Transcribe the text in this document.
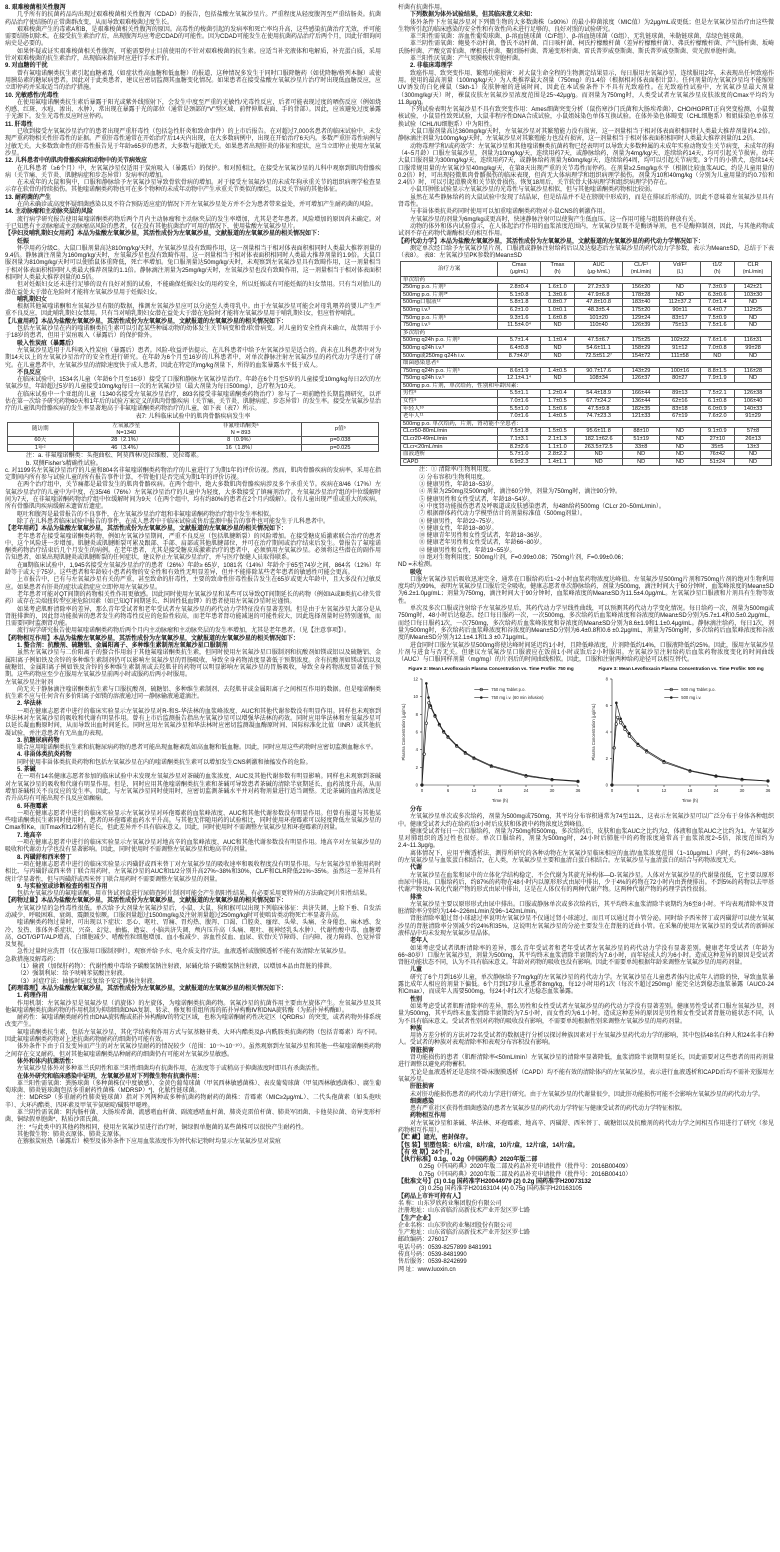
8. 艰难梭菌相关性腹泻

几乎所有的抗菌药品均出现过艰难梭菌相关性腹泻（CDAD）的报告，包括盐酸左氧氟沙星片。严重程度从轻度腹泻至严重结肠炎。抗菌药品治疗使结肠的正常菌群改变，从而导致艰难梭菌过度生长。

艰难梭菌产生的毒素A和B，是艰难梭菌相关性腹泻的原因。高毒性的梭菌引起的发病率和死亡率均升高，这些感染抗菌治疗无效，并可能需要结肠切除术。在接受抗生素治疗后，出现腹泻均应考虑CDAD的可能性。因为CDAD可能发生在使用抗菌药品治疗后两个月，因此仔细询问病史是必要的。

如果怀疑或证实艰难梭菌相关性腹泻，可能需要停止目前使用的不针对艰难梭菌的抗生素。应适当补充液体和电解质，补充蛋白质，采用针对艰难梭菌的抗生素治疗，出现临床指征时应进行手术评价。

9. 对血糖的干扰

曾有氟喹诺酮类抗生素引起血糖紊乱（如症状性高血糖和低血糖）的报道，这种情况多发生于同时口服降糖药（如优降糖/格列本脲）或使用胰岛素的糖尿病患者。因此对于此类患者，建议应密切监测其血糖变化情况。如果患者在接受盐酸左氧氟沙星片治疗时出现低血糖反应，应立即停药并采取适当的治疗措施。

10. 光敏感性/光毒性

在使用氟喹诺酮类抗生素后暴露于阳光或紫外线照射下，会发生中度至严重的光敏性/光毒性反应，后者可能表现过度的晒伤反应（例如烧灼感、红斑、水疱、渗出、水肿），常出现在暴露于光的部位（通常是颈部的“V”型区域、前臂伸肌表面、手的背部）。因此，应该避免过度暴露于光源下。发生光毒性反应时应停药。

11. 肝毒性

已收到接受左氧氟沙星治疗的患者出现严重肝毒性（包括急性肝炎和致命事件）的上市后报告。在对超过7,000名患者的临床试验中，未发现严重药物相关性肝毒性的证据。严重肝毒性通常在开始治疗后14天内出现，在大多数病例中，出现在开始治疗6天内。多数严重肝毒性病例与过敏无关。大多数致命性的肝毒性报告见于年龄≥65岁的患者，大多数与超敏无关。如果患者出现肝炎的体征和症状，应当立即停止使用左氧氟沙星。

12. 儿科患者中的肌肉骨骼疾病和动物中的关节病效应

在儿科患者（≥6个月）中，左氧氟沙星仅适用于炭疽吸入（暴露后）的保护。和对照相比，在接受左氧氟沙星的儿科中观察到肌肉骨骼疾病（关节痛、关节炎、肌腱病症和步态异常）发病率的增加。

在未成年的大鼠和狗中，口服和静脉给予左氧氟沙星导致骨软骨病的增加。对于接受左氧氟沙星的未成年狗承重关节的组织病理学检查显示存在软骨的持续损伤。其他喹诺酮类药物也可在多个物种的未成年动物中产生承重关节类似的糜烂，以及关节病的其他体征。

13. 耐药菌的产生

在尚未确诊或高度怀疑细菌感染以及不符合预防适应症的情况下开左氧氟沙星处方并不会为患者带来益处，并可增加产生耐药菌的风险。

14. 主动脉瘤和主动脉夹层的风险

流行病学研究报告使用氟喹诺酮类药物后两个月内主动脉瘤和主动脉夹层的发生率增加，尤其是老年患者。风险增加的原因尚未确定。对于已知患有主动脉瘤或主动脉瘤高风险的患者，仅在没有其他抗菌治疗可用的情况下，使用盐酸左氧氟沙星片。

【孕妇及哺乳期妇女用药】本品为盐酸左氧氟沙星，其活性成份为左氧氟沙星，文献报道的左氧氟沙星的相关情况如下：

妊娠

怀孕用药分级C。大鼠口服剂量高达810mg/kg/天时，左氧氟沙星没有致畸作用，这一剂量相当于相对体表面积相同时人类最大推荐剂量的9.4倍。静脉滴注剂量为160mg/kg/天时，左氧氟沙星也没有致畸作用，这一剂量相当于相对体表面积相同时人类最大推荐剂量的1.9倍。大鼠口服剂量为810mg/kg/天时可以使胎鼠体重降低，死亡率增加。兔口服剂量达50mg/kg/天时，未观察到左氧氟沙星具有致畸作用，这一剂量相当于相对体表面积相同时人类最大推荐剂量的1.1倍。静脉滴注剂量为25mg/kg/天时，左氧氟沙星也没有致畸作用，这一剂量相当于相对体表面积相同时人类最大推荐剂量的0.5倍。

但对妊娠妇女还未进行足够的设有良好对照的试验，不能确保妊娠妇女的用药安全，所以妊娠或有可能妊娠的妇女禁用。只有当对胎儿的潜在益处大于潜在危险时才能将左氧氟沙星用于妊娠妇女。

哺乳期妇女

根据其他氟喹诺酮和左氧氟沙星有限的数据，推测左氧氟沙星应可以分泌至人类母乳中。由于左氧氟沙星可能会对母乳喂养的婴儿产生严重不良反应，因此哺乳期妇女禁用。只有当对哺乳期妇女潜在益处大于潜在危险时才能将左氧氟沙星用于哺乳期妇女，但应暂停哺乳。

【儿童用药】本品为盐酸左氧氟沙星，其活性成份为左氧氟沙星，文献报道的左氧氟沙星的相关情况如下：

包括左氧氟沙星在内的喹诺酮类抗生素可以引起某些种属动物的幼体发生关节病变和骨/软骨病变。对儿童的安全性尚未确立，故禁用于小于18岁的患者，但用于炭疽吸入（暴露后）的保护除外。

吸入性炭疽（暴露后）

左氧氟沙星适用于儿科吸入性炭疽（暴露后）患者。风险-收益评估提示，在儿科患者中给予左氧氟沙星是适合的。尚未在儿科患者中对为期14天以上的左氧氟沙星治疗的安全性进行研究。在年龄为6个月至16岁的儿科患者中，对单次静脉注射左氧氟沙星的药代动力学进行了研究。在儿童患者中，左氧氟沙星的清除速度快于成人患者，因此在特定的mg/kg剂量下，所得的血浆暴露水平低于成人。

不良反应

在临床试验中，1534名儿童（年龄6个月至16岁）接受了口服和静脉左氧氟沙星治疗。年龄在6个月至5岁的儿童接受10mg/kg每日2次的左氧氟沙星，年龄超过5岁的儿童接受10mg/kg每日一次的左氧氟沙星（最大剂量为每日500mg），总疗程为10天。

在临床试验中一个亚组的儿童（1340名接受左氧氟沙星治疗，893名接受非氟喹诺酮类药物治疗）参与了一项前瞻性长期监测研究，以评估在第一次给予研究药物60天和1年后的试验方案定义的肌肉骨骼疾病（关节痛、关节炎、肌腱病症、步态异常）的发生率。接受左氧氟沙星治疗的儿童肌肉骨骼疾病的发生率显著地高于非氟喹诺酮类药物治疗的儿童，如下表（表7）所示。

表7: 儿科临床试验中的肌肉骨骼疾病发生率

随访期	左氧氟沙星
N=1340	非氟喹诺酮类ᵃ
N = 893	p值ᵇ
60天	28（2.1%）	8（0.9%）	p=0.038
1年ᶜ	46（3.4%）	16（1.8%）	p=0.025

注：a. 非氟喹诺酮类：头孢曲松、阿莫西林/克拉维酸、克拉霉素。

b. 双侧Fisher’s精确性试验。

c. 对1199名左氧氟沙星治疗的儿童和804名非氟喹诺酮类药物治疗的儿童进行了为期1年的评价访视。然而，肌肉骨骼疾病的发病率，采用在指定期间内所有参与试验儿童的所有报告事件计算，不管他们是否完成为期1年的评价访视。

在两个治疗组中，关节痛都是最常发生的肌肉骨骼疾病。在两个组中，绝大多数肌肉骨骼疾病涉及多个承重关节。疾病在8/46（17%）左氧氟沙星治疗的儿童中为中度，在35/46（76%）左氧氟沙星治疗的儿童中为轻度，大多数接受了镇痛剂治疗。左氧氟沙星治疗组的中位缓解时间为7天，在非氟喹诺酮药物治疗组中位缓解时间为9天（在两个组中，均有约80%的患者在2个月内缓解）。没有儿童出现严重或重大的疾病，所有骨骼肌肉疾病缓解未遗留后遗症。

呕吐和腹泻是最常报告的不良事件，在左氧氟沙星治疗组和非氟喹诺酮药物治疗组中发生率相似。

除了在儿科患者临床试验中报告的事件，在成人患者中于临床试验或售后监测中报告的事件也可能发生于儿科患者中。

【老年用药】本品为盐酸左氧氟沙星，其活性成份为左氧氟沙星，文献报道的左氧氟沙星的相关情况如下：

老年患者在接受氟喹诺酮类药物，例如左氧氟沙星期间，严重不良反应（包括肌腱断裂）的风险增加。在接受糖皮质激素联合治疗的患者中，这个风险进一步增加。肌腱炎或肌腱断裂可累及跟部、手部、肩部或其他肌腱部位，并可在治疗期间或治疗结束后发生。曾报告了氟喹诺酮类药物治疗结束后几个月发生的病例。在老年患者，尤其是接受糖皮质激素治疗的患者中，必须慎用左氧氟沙星。必须将这些潜在的副作用告知患者，如果出现肌腱炎或肌腱断裂的任何症状，建议停止左氧氟沙星治疗，并与医疗保健人员取得联系。

在Ⅲ期临床试验中，1,945名接受左氧氟沙星治疗的患者（26%）年龄≥ 65岁，1081名（14%）年龄介于65至74岁之间，864名（12%）年龄等于或大于75岁。这些患者和年龄较小患者药物的安全性和有效性无明显差异，但并不能排除某些老年患者的敏感性可能会更高。

上市报告中，已有与左氧氟沙星有关的严重，甚至致命的肝毒性，主要的致命性肝毒性报告发生在65岁或更大年龄中，且大多没有过敏反应。如果患者有肝炎的症状或指症应立即停用左氧氟沙星。

老年患者可能对QT间期的药物相关性作用更敏感。因此同时使用左氧氟沙星和某些可以导致QT间期延长的药物（例如IA或Ⅲ类抗心律失常药）或存在尖端扭转型室速危险因素（如已知QT间期延长、纠固性低血钾）的患者使用左氧氟沙星时应谨慎。

如果考虑肌酐清除率的差异，那么青年受试者和老年受试者左氧氟沙星的药代动力学特征没有显著差别。但是由于左氧氟沙星大部分是从肾脏排泄的，因此肾功能损害的患者发生药物毒性反应的危险性较高，而老年患者肾功能减退的可能性较大，因此选择剂量时应特别谨慎，而且需要同时监测肾功能。

流行病学研究报告使用氟喹诺酮类药物后两个月内主动脉瘤和主动脉夹层的发生率增加，尤其是老年患者。（见【注意事项】）。

【药物相互作用】本品为盐酸左氧氟沙星，其活性成份为左氧氟沙星，文献报道的左氧氟沙星的相关情况如下：

1. 螯合剂：抗酸剂、硫糖铝、金属阳离子、多种维生素制剂左氧氟沙星口服制剂

虽然左氧氟沙星与二价阳离子的螯合作用弱于其他氟喹诺酮类抗生素，但同时使用左氧氟沙星口服制剂和抗酸剂如镁或铝以及硫糖铝、金属阳离子例如铁及含锌的多种维生素制剂仍可以影响左氧氟沙星的胃肠吸收，导致全身药物浓度显著低于预期浓度。含有抗酸剂如镁或铝以及硫糖铝、金属阳离子例如铁及含锌的多种维生素制剂或去羟肌苷的药物可以明显影响左氧氟沙星的胃肠吸收，导致全身药物浓度显著低于预期。这些药物应至少在服用左氧氟沙星前两小时或服药后两小时服用。

左氧氟沙星注射剂

尚无关于静脉滴注喹诺酮类抗生素与口服抗酸剂、硫糖铝、多种维生素制剂、去羟肌苷或金属阳离子之间相互作用的数据。但是喹诺酮类抗生素不应与任何含有多价阳离子如镁的溶液通过同一静脉输液通道滴注。

2. 华法林

一项在健康志愿者中进行的临床实验显示左氧氟沙星对R-和S-华法林的血浆峰浓度、AUC和其他代谢参数没有明显作用。同样也未观察到华法林对左氧氟沙星的吸收和代谢有明显作用。曾有上市后监测报告指出左氧氟沙星可以增强华法林的药效。同时应用华法林和左氧氟沙星可以延长凝血酶原时间，从而导致出血时间延长。同时应用左氧氟沙星和华法林时应密切监测凝血酶原时间、国际标准化比值（INR）或其他抗凝试验，并注意患者有无出血的表现。

3. 抗糖尿病药物

联合应用喹诺酮类抗生素和抗糖尿病药物的患者可能出现血糖紊乱如高血糖和低血糖。因此，同时应用这些药物时应密切监测血糖水平。

4. 非甾体类抗炎药物

同时使用非甾体类抗炎药物和包括左氧氟沙星在内的喹诺酮类抗生素可以增加发生CNS刺激和抽搐发作的危险。

5. 茶碱

在一项有14名健康志愿者参加的临床试验中未发现左氧氟沙星对茶碱的血浆浓度、AUC及其他代谢参数有明显影响。同样也未观察到茶碱对左氧氟沙星的吸收和代谢有明显作用。但是，同时应用其他喹诺酮类抗生素和茶碱可导致患者茶碱的清除半衰期延长、血药浓度升高，从而增加茶碱相关不良反应的发生率。因此，与左氧氟沙星同时使用时，应密切监测茶碱水平并对药物剂量进行适当调整。无论茶碱的血药浓度是否升高均有可能出现不良反应如癫痫。

6. 环孢霉素

一项在健康志愿者中进行的临床实验显示左氧氟沙星对环孢霉素的血浆峰浓度、AUC和其他代谢参数没有明显作用。但曾有报道与其他某些喹诺酮类抗生素同时使用时，患者的环孢霉素血药水平升高。与其他无伴随用药的试验相比，同时使用环孢霉素可以轻度降低左氧氟沙星的Cmax和Ke，而Tmax和t1/2稍有延长，但此差异并不具有临床意义。因此，同时使用时不需调整左氧氟沙星和环孢霉素的剂量。

7. 地高辛

一项在健康志愿者中进行的临床实验显示左氧氟沙星对地高辛的血浆峰浓度、AUC和其他代谢参数没有明显作用。地高辛对左氧氟沙星的吸收和代谢动力学也没有显著影响。因此，同时使用时不需调整左氧氟沙星和地高辛的剂量。

8. 丙磺舒和西米替丁

一项在健康志愿者中进行的临床实验显示丙磺舒或西米替丁对左氧氟沙星的吸收速率和吸收程度没有明显作用。与左氧氟沙星单独用药时相比，与丙磺舒或西米替丁联合用药时，左氧氟沙星的AUC和t1/2分别升高27%~38%和30%，CL/F和CLR降低21%~35%。虽然这一差异具有统计学显著性，但与丙磺舒或西米替丁联合用药时不需要调整左氧氟沙星的剂量。

9. 与实验室或诊断检查的相互作用

包括左氧氟沙星的氟喹诺酮，用市售试剂盒进行尿筛查阿片制剂可能会产生假阳性结果，有必要采用更特异的方法确定阿片阳性结果。

【药物过量】本品为盐酸左氧氟沙星，其活性成份为左氧氟沙星，文献报道的左氧氟沙星的相关情况如下：

左氧氟沙星的急性毒性很低。单次给予大剂量左氧氟沙星后，小鼠、大鼠、狗和猴可以出现下列临床体征：共济失调、上睑下垂、自发活动减少、呼吸困难、衰竭、震颤及惊厥。口服剂量超过1500mg/kg及注射剂量超过250mg/kg时可使啮齿类动物死亡率显著升高。

喹诺酮类药物过量时，可出现以下症状：恶心、呕吐、胃痛、胃灼热、腹泻、口渴、口腔炎、瘙痒、头晕、头痛、全身倦怠、麻木感、发冷、发热、锥体外系症状、兴奋、幻觉、抽搐、谵妄、小脑共济失调、颅内压升高（头痛、呕吐、视神经乳头水肿）、代谢性酸中毒、血糖增高、GOT/GPT/ALP增高、白细胞减少、嗜酸性粒细胞增加、血小板减少、溶血性贫血、血尿、软骨/关节障碍、白内障、视力障碍、色觉异常及复视。

急性过量时应洗胃（仅在服用口服制剂时），观察并给予水、电介质支持疗法。血液透析或腹膜透析不能有效清除左氧氟沙星。

急救措施及解毒药：

（1）输液（加保肝药物）：代谢性酸中毒给予碳酸氢钠注射液，尿碱化给予碳酸氢钠注射液，以增加本品由肾脏的排泄。

（2）强制利尿：给予呋喃苯氨酸注射液。

（3）对症疗法：抽搐时应反复给予安定静脉注射液。

【药理毒理】本品为盐酸左氧氟沙星，其活性成份为左氧氟沙星，文献报道的左氧氟沙星的相关情况如下：

1. 药理作用

作用机制：左氧氟沙星是氧氟沙星（消旋体）的左旋体，为喹诺酮类抗菌药物。氧氟沙星的抗菌作用主要由左旋体产生。左氧氟沙星及其他氟喹诺酮类抗菌药物的作用机制为抑制细菌DNA复制、转录、修复和重组所需的拓扑异构酶Ⅳ和DNA旋转酶（为拓扑异构酶Ⅱ）。

耐药性：氟喹诺酮类耐药性由DNA旋转酶或拓扑异构酶Ⅳ的特定区域，也称为喹诺酮耐药性决定区（QRDRs）的突变，或者药物外排系统改变产生。

氟喹诺酮类抗生素，包括左氧氟沙星，其化学结构和作用方式与氨基糖苷类、大环内酯类及β-内酰胺类抗菌药物（包括青霉素）均不同。因此氟喹诺酮类药物对上述抗菌药物耐药的细菌仍可能有效。

体外条件下由于自发变异而产生的对左氧氟沙星耐药的情况较少（范围：10⁻⁹~10⁻¹⁰）。虽然观察到左氧氟沙星和其他一些氟喹诺酮类药物之间存在交叉耐药，但对其他氟喹诺酮类品种耐药的细菌仍有可能对左氧氟沙星敏感。

体外和体内抗菌活性：

左氧氟沙星体外对多种革兰氏阴性和革兰阳性细菌均有抗菌作用，在浓度等于或稍高于抑菌浓度时即具有杀菌活性。

在体外研究和临床感染中证明，左氧氟沙星对下列微生物有抗菌作用：

革兰阳性需氧菌：粪肠球菌（多种菌株仅中度敏感）、金黄色葡萄球菌（甲氧西林敏感菌株）、表皮葡萄球菌（甲氧西林敏感菌株）、腐生葡萄球菌、肺炎链球菌[包括多重耐药性菌株（MDRSP）*]、化脓性链球菌。

注：MDRSP（多重耐药性肺炎链球菌）指对下列两种或多种抗菌药物耐药的菌株：青霉素（MIC≥2μg/mL）、二代头孢菌素（如头孢呋辛）、大环内酯类、四环素及甲氧苄氨嘧啶/磺胺甲噁唑。

革兰阴性需氧菌：阴沟肠杆菌、大肠埃希菌、流感嗜血杆菌、副流感嗜血杆菌、肺炎克雷伯杆菌、肺炎军团菌、卡他莫拉菌、奇异变形杆菌、铜绿假单胞菌*、粘质沙雷氏菌。

注：*与此类中的其他药物相同，使用左氧氟沙星进行治疗时，铜绿假单胞菌的某些菌株可以很快产生耐药性。

其他微生物：肺炎衣原体、肺炎支原体。

在猕猴炭疽热（暴露后）模型及体外条件下应用血浆浓度作为替代标记物时均显示左氧氟沙星对炭疽

杆菌有抗菌作用。

下列数据为体外试验结果，但其临床意义未知：

体外条件下左氧氟沙星对下列微生物的大多数菌株（≥90%）的最小抑菌浓度（MIC值）为2μg/mL或更低；但是左氧氟沙星治疗由这些微生物所引起的临床感染的安全性和有效性尚未进行足够的、良好对照的试验研究。

革兰阳性需氧菌：溶血性葡萄球菌、β-溶血链球菌（C/F组）、β-溶血链球菌（G组）、无乳链球菌、米勒链球菌、草绿色链球菌。

革兰阴性需氧菌：鲍曼不动杆菌、鲁氏不动杆菌、百日咳杆菌、柯氏柠檬酸杆菌（差异柠檬酸杆菌）、弗氏柠檬酸杆菌、产气肠杆菌、坂崎氏肠杆菌、产酸克雷伯菌、摩根氏杆菌、聚团肠杆菌、普通变形杆菌、雷氏普罗威登斯菌、斯氏普罗威登斯菌、荧光假单胞杆菌。

革兰阳性厌氧菌：产气荚膜梭状芽胞杆菌。

2. 非临床毒理学

致癌作用、致突变作用、繁殖功能损害：对大鼠生命全程的生物测定结果显示，每日服用左氧氟沙星，连续服用2年，未表现出任何致癌作用。使用的最高剂量（100mg/kg/天）为人类推荐最大剂量（750mg）的1.4倍（根据相对体表面积计算）。任何剂量的左氧氟沙星均不能缩短UV诱发的白化裸鼠（Skh-1）皮肤肿瘤的进展时间，因此在本试验条件下不具有光致癌性。在光致癌性试验中，左氧氟沙星最大剂量（300mg/kg/天）时，裸鼠皮肤左氧氟沙星浓度范围是25~42μg/g。而剂量为750mg时，人类受试者左氧氟沙星皮肤浓度的Cmax平均约为11.8μg/g。

下列试验表明左氧氟沙星不具有致突变作用：Ames细菌突变分析（鼠伤寒沙门氏菌和大肠埃希菌），CHO/HGPRT正向突变检测，小鼠微核试验，小鼠显性致死试验，大鼠非程序性DNA合成试验，小鼠姐妹染色单体互换试验。在体外染色体畸变（CHL细胞系）和姐妹染色单体互换试验（CHL/IU细胞系）中为阳性。

大鼠口服剂量高达360mg/kg/天时，左氧氟沙星对其繁殖能力没有损害，这一剂量相当于相对体表面积相同时人类最大推荐剂量的4.2倍。静脉滴注剂量为100mg/kg/天时，左氧氟沙星对其繁殖能力也没有损害，这一剂量相当于相对体表面积相同时人类最大推荐剂量的1.2倍。

动物毒理学和/或药效学：左氧氟沙星和其他喹诺酮类抗菌药物已经表明可以导致大多数种属的未成年实验动物发生关节病变，未成年的狗（4~5月龄）口服左氧氟沙星，剂量为10mg/kg/天，连续用药7天，或静脉给药，剂量为4mg/kg/天，连续给药14天，均可引起关节损害。幼年大鼠口服剂量为300mg/kg/天，连续用药7天，或静脉给药剂量为60mg/kg/天，连续给药4周，均可以引起关节病变。3个月的小猎犬，连续14天口服常规用量的左氧氟沙星40mg/kg/天，在第8天出现严重的关节毒性而停药。在剂量≥2.5mg/kg水平（根据比较血浆AUC，约是儿童用量的0.2倍）时，可出现轻微肌肉骨骼损伤的临床表现，但尚无大体病理学和组织病理学损伤。剂量为10和40mg/kg（分别为儿童用量的约0.7倍和2.4倍）时，可以引起滑膜炎和关节软骨损伤。恢复18周后，关节软骨大体病理学和组织病理学仍存在。

小鼠耳肿胀试验显示左氧氟沙星的光毒性与氧氟沙星相似，但与其他喹诺酮类药物相比较弱。

虽然在某些静脉给药的大鼠试验中发现了结晶尿，但是结晶并不是在膀胱中形成的，而是在排尿后形成的，因此不意味着左氧氟沙星具有肾毒性。

与非甾体类抗炎药同时使用可以加重喹诺酮类药物对小鼠CNS的刺激作用。

左氧氟沙星的剂量为6mg/kg或更高时，快速静脉注射可以使狗产生低血压。这一作用可能与组胺的释放有关。

动物的体外和体内试验显示，在人体起治疗作用的血浆浓度范围内，左氧氟沙星既不是酶诱导剂，也不是酶抑制剂，因此，与其他药物或试剂不存在药物代谢酶相关的相互作用。

【药代动力学】本品为盐酸左氧氟沙星，其活性成份为左氧氟沙星，文献报道的左氧氟沙星的药代动力学情况如下：

测定单次经口给予左氧氟沙星片剂、口服液或静脉注射给药后以及达稳态后左氧氟沙星的药代动力学参数，表示为Mean±SD，总结于下表（表8）。 表8：左氧氟沙星PK参数的Mean±SD

治疗方案	Cmax
(μg/mL)	Tmax
(h)	AUC
(μg·h/mL)	CL/F¹
(mL/min)	Vd/F²
(L)	t1/2
(h)	CLR
(mL/min)
单次给药							
250mg p.o. 片剂³	2.8±0.4	1.6±1.0	27.2±3.9	156±20	ND	7.3±0.9	142±21
500mg p.o. 片剂³*	5.1±0.8	1.3±0.6	47.9±6.8	178±28	ND	6.3±0.6	103±30
500mg口服液¹²	5.8±1.8	0.8±0.7	47.8±10.8	183±40	112±37.2	7.0±1.4	ND
500mg i.v.³	6.2±1.0	1.0±0.1	48.3±5.4	175±20	90±11	6.4±0.7	112±25
750mg p.o. 片剂⁵	9.3±1.6	1.6±0.8	101±20	129±24	83±17	7.5±0.9	ND
750mg i.v.⁵	11.5±4.0⁴	ND	110±40	126±39	75±13	7.5±1.6	ND
多次给药							
500mg q24h p.o. 片剂³	5.7±1.4	1.1±0.4	47.5±6.7	175±25	102±22	7.6±1.6	116±31
500mg q24h i.v.³	6.4±0.8	ND	54.6±11.1	158±29	91±12	7.0±0.8	99±28
500mg或250mg q24h i.v.	8.7±4.0⁷	ND	72.5±51.2⁷	154±72	111±58	ND	ND
细菌感染患者⁶							
750mg q24h p.o. 片剂⁵	8.6±1.9	1.4±0.5	90.7±17.6	143±29	100±16	8.8±1.5	116±28
750mg q24h i.v.⁵	12.1±4.1⁴	ND	108±34	126±37	80±27	7.9±1.9	ND
500mg p.o. 片剂，单次给药，性别和年龄因素：							
男性⁸	5.5±1.1	1.2±0.4	54.4±18.9	166±44	89±13	7.5±2.1	126±38
女性⁹	7.0±1.6	1.7±0.5	67.7±24.2	136±44	62±16	6.1±0.8	106±40
年轻人¹⁰	5.5±1.0	1.5±0.6	47.5±9.8	182±35	83±18	6.0±0.9	140±33
老年人¹¹	7.0±1.6	1.4±0.5	74.7±23.3	121±33	67±19	7.6±2.0	91±29
500mg p.o. 单次给药，片剂，肾功能不全患者：							
CLcr50-80mL/min	7.5±1.8	1.5±0.5	95.6±11.8	88±10	ND	9.1±0.9	57±8
CLcr20-49mL/min	7.1±3.1	2.1±1.3	182.1±62.6	51±19	ND	27±10	26±13
CLcr<20mL/min	8.2±2.6	1.1±1.0	263.5±72.5	33±8	ND	35±5	13±3
血液透析	5.7±1.0	2.8±2.2	ND	ND	ND	76±42	ND
CAPD	6.9±2.3	1.4±1.1	ND	ND	ND	51±24	ND

注：① 清除率/生物利用度。

② 分布容积/生物利用度。

③ 健康男性，年龄18~53岁。

④ 剂量为250mg及500mg时，滴注60分钟，剂量为750mg时，滴注90分钟。

⑤ 健康男性和女性受试者，年龄18~54岁。

⑥ 中度肾功能损伤患者及呼吸道或皮肤感染患者，每48h给药500mg（CLcr 20~50mL/min）。

⑦ 根据群体药代动力学模型估计的剂量标准值（500mg剂量）。

⑧ 健康男性，年龄22~75岁。

⑨ 健康女性，年龄18~80岁。

⑩ 健康青年男性和女性受试者，年龄18~36岁。

⑪ 健康老年男性和女性受试者，年龄66~80岁。

⑫ 健康男性和女性，年龄19~55岁。

⑬ 绝对生物利用度；500mg片剂，F=0.99±0.08；750mg片剂，F=0.99±0.06；

ND =未检测。

吸收

口服左氧氟沙星后吸收迅速完全，通常在口服给药后1~2小时血浆药物浓度达峰值。左氧氟沙星500mg片剂和750mg片剂的绝对生物利用度均约为99%，表明左氧氟沙星口服后完全吸收。健康志愿者单次静脉给药，剂量为500mg，滴注时间大于60分钟时，血浆峰浓度的Mean±SD为6.2±1.0μg/mL；剂量为750mg，滴注时间大于90分钟时，血浆峰浓度的Mean±SD为11.5±4.0μg/mL。左氧氟沙星口服液和片剂具有生物等效性。

单次及多次口服或注射给予左氧氟沙星后，其药代动力学呈线性曲线，可以预测其药代动力学变化情况。每日给药一次，剂量为500mg或750mg时，48小时后达稳态。经口每日服药一次，一次500mg，多次给药后血浆峰浓度和谷浓度的Mean±SD分别为5.7±1.4和0.5±0.2μg/mL，而经口每日服药1次，一次750mg，多次给药后血浆峰浓度和谷浓度的Mean±SD分别为8.6±1.9和1.1±0.4μg/mL。静脉滴注给药，每日1次，剂量为500mg时，多次给药后血浆峰浓度和谷浓度的Mean±SD分别为6.4±0.8和0.6 ±0.2μg/mL，剂量为750mg时，多次给药后血浆峰浓度和谷浓度的Mean±SD分别为12.1±4.1和1.3 ±0.71μg/mL。

进食同时口服左氧氟沙星500mg将使达峰时间延迟约1小时，且降低峰浓度，片剂降低约14%，口服液降低约25%。因此，服用左氧氟沙星片剂与进食与否无关。但建议左氧氟沙星口服液应在饭前1小时或饭后2小时服用。左氧氟沙星注射给药后血浆药物浓度变化的时间曲线（AUC）与口服同样剂量（mg/mg）的片剂后的时间曲线相似。因此，口服和注射两种给药途径可以相互替代。

Figure 2: Mean Levofloxacin Plasma Concentration vs. Time Profile: 750 mg
0	6	12	18	24	30	36
0
2
4
6
8
10
12
Time (h)
Plasma Concentration (μg/mL)
750 mg Tablet p.o.
750 mg i.v. (60 min infusion)
Figure 3: Mean Levofloxacin Plasma Concentration vs. Time Profile: 500 mg
0	6	12	18	24	30	36
0
2
4
6
8
Time (h)
Plasma Concentration (μg/mL)
500 mg Tablet p.o.
500 mg i.v.

分布

左氧氟沙星单次或多次给药，剂量为500mg或750mg，其平均分布容积通常为74至112L，这表示左氧氟沙星可以广泛分布于身体各种组织中。健康受试者大约在给药后3小时后皮肤和体液中药物浓度达到峰值。

健康受试者每日一次口服给药，剂量为750mg和500mg，多次给药后，皮肤和血浆AUC之比约为2，体液和血浆AUC之比约为1。左氧氟沙星对肺组织的透过性也很好。单次口服给药，剂量为500mg时，24小时后肺脏中的药物浓度通常高于血浆浓度2~5倍，浓度范围约为2.4~11.3μg/g。

离体情况下，应用平衡透析法，测得所研究的各种动物在左氧氟沙星临床相应的血清/血浆浓度范围（1~10μg/mL）内时，约有24%~38%的左氧氟沙星与血浆蛋白相结合，在人类，左氧氟沙星主要和血清白蛋白相结合。左氧氟沙星与血清蛋白的结合与药物浓度无关。

代谢

左氧氟沙星在血浆和尿中的立体化学结构稳定，不会代谢为其旋光异构体—D-氧氟沙星。人体对左氧氟沙星的代谢量很低，它主要以原形由尿中排出。口服给药后，约87%的药物在48小时内以原形形式由尿中排出，少于4%的药物在72小时内由粪便排出。不到5%的药物以去甲基代谢产物及N-氧化代谢产物的形式由尿中排出，这是在人体仅有的两种代谢产物。这两种代谢产物的药理学活性很弱。

排泄

左氧氟沙星主要以原形形式由尿中排出。口服或静脉单次或多次给药后，其平均终末血浆清除半衰期约为6至8小时。平均表观清除率及肾脏清除率分别约为144~226mL/min及96~142mL/min。

肾脏清除率超过肾小球滤过率说明左氧氟沙星不仅通过肾小球滤过，而且可以通过肾小管分泌。同时给予西米替丁或丙磺舒可以使左氧氟沙星的肾脏清除率分别减少约24%和35%，这说明左氧氟沙星的分泌主要发生在肾脏的近曲小管。在采集的使用左氧氟沙星的受试者的新鲜尿液样品中均未发现左氧氟沙星晶体。

老年人

如果考虑受试者肌酐清除率的差异，那么青年受试者和老年受试者左氧氟沙星的药代动力学没有显著差别。健康老年受试者（年龄为66~80岁）口服左氧氟沙星，剂量为500mg，其平均终末血浆清除半衰期约为7.6小时，而年轻成人约为6小时。造成这种差异的原因是受试者肾脏功能状态不同，认为不具有临床意义。年龄对药物的吸收也没有影响。因此不需要单纯根据年龄来调整左氧氟沙星的用药剂量。

儿童

研究了6个月到16岁儿童，单次静脉给予7mg/kg的左氧氟沙星的药代动力学。左氧氟沙星在儿童患者体内比成年人清除的快，导致血浆暴露比成年人相应的剂量下偏低。6个月到17岁儿童患者8mg/kg，每12小时用药1次（每次不超过250mg）能完全达到稳态血浆暴露（AUC0-24和Cmax），而成年人需要500mg，每24小时1次才达稳态血浆暴露。

性别

如果考虑受试者肌酐清除率的差异，那么男性和女性受试者左氧氟沙星的药代动力学没有显著差别。健康男性受试者口服左氧氟沙星，剂量为500mg，其平均终末血浆清除半衰期约为7.5小时，而女性约为6.1小时。造成这种差异的原因是男性和女性受试者肾脏功能状态不同，认为不具有临床意义。受试者性别对药物的吸收没有影响，不需要单纯根据性别来调整左氧氟沙星的用药剂量。

种族

用协方差分析的方法对72名受试者的数据进行分析以探讨种族因素对于左氧氟沙星药代动力学的影响，其中包括48名白种人和24名非白种人。受试者的种族对表观清除率和表观分布容积没有影响。

肾脏损害

肾功能损伤的患者（肌酐清除率<50mL/min）左氧氟沙星的清除率显著降低，血浆清除半衰期明显延长，因此需要对这些患者的用药剂量进行调整以避免药物蓄积。

无论是血液透析还是连续不卧床腹膜透析（CAPD）均不能有效的清除体内的左氧氟沙星，表示进行血液透析和CAPD后均不需补充服用左氧氟沙星。

肝脏损害

未对肝功能损伤患者的药代动力学进行研究。由于左氧氟沙星的代谢量很少，因此肝功能损伤可能不会影响左氧氟沙星的药代动力学。

细菌感染

患有严重社区获得性细菌感染的患者左氧氟沙星的药代动力学特征与健康受试者的药代动力学特征相似。

药物相互作用

对左氧氟沙星和茶碱、华法林、环孢霉素、地高辛、丙磺舒、西米替丁、硫糖铝以及抗酸剂的药代动力学之间相互作用进行了研究（参见药物相互作用）。

【贮 藏】遮光，密封保存。

【包 装】铝塑包装：6片/盒，8片/盒，10片/盒，12片/盒，14片/盒。

【有 效 期】24个月。

【执行标准】0.1g、0.2g《中国药典》2020年版二部

0.25g《中国药典》2020年版二部及药品补充申请批件（批件号：2016B00409）

0.75g《中国药典》2020年版二部及药品补充申请批件（批件号：2016B00410）

【批准文号】(1) 0.1g 国药准字H20044979 (2) 0.2g 国药准字H20073132

(3) 0.25g 国药准字H20163104 (4) 0.75g 国药准字H20163105

【药品上市许可持有人】

名 称：山东罗欣药业集团股份有限公司

注册地址：山东省临沂高新技术产业开发区罗七路

【生产企业】

企业名称：山东罗欣药业集团股份有限公司

生产地址：山东省临沂高新技术产业开发区罗七路

邮政编码：276017

电话号码：0539-8257899 8481991

传真号码：0539-8481990

售后服务：0539-8242699

网 址：www.luoxin.cn
